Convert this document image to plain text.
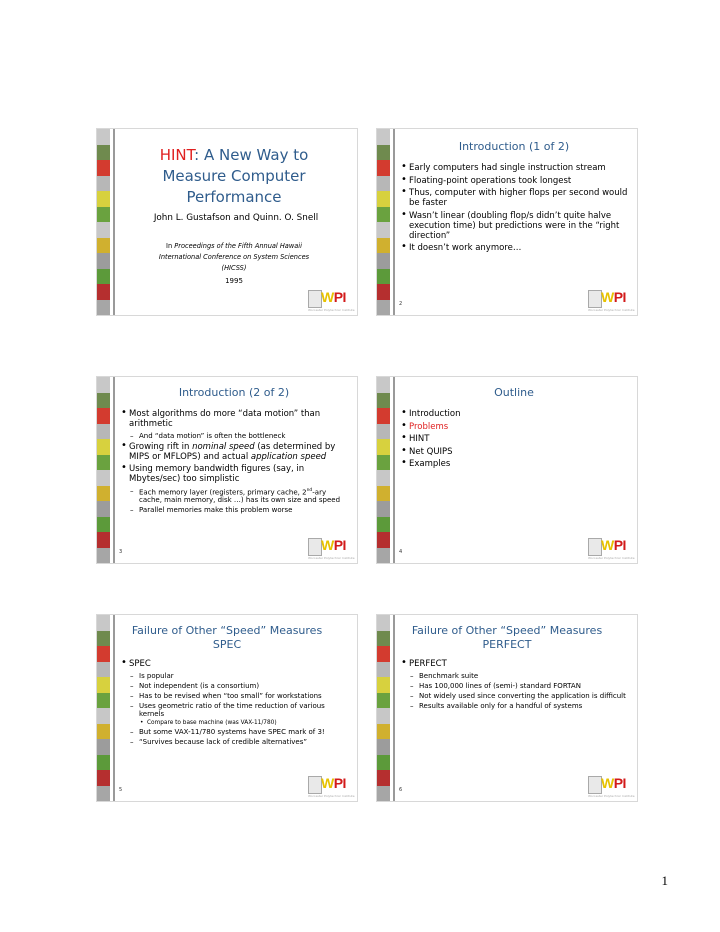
HINT: A New Way to
Measure Computer
Performance
John L. Gustafson and Quinn. O. Snell
In Proceedings of the Fifth Annual Hawaii
International Conference on System Sciences
(HICSS)
1995
WPI
Worcester Polytechnic Institute
Introduction (1 of 2)
• Early computers had single instruction stream
• Floating-point operations took longest
• Thus, computer with higher flops per second would be faster
• Wasn’t linear (doubling flop/s didn’t quite halve execution time) but predictions were in the “right direction”
• It doesn’t work anymore…
2	WPI
Worcester Polytechnic Institute
Introduction (2 of 2)
• Most algorithms do more “data motion” than arithmetic
– And “data motion” is often the bottleneck
• Growing rift in nominal speed (as determined by MIPS or MFLOPS) and actual application speed
• Using memory bandwidth figures (say, in Mbytes/sec) too simplistic
– Each memory layer (registers, primary cache, 2nd-ary cache, main memory, disk …) has its own size and speed
– Parallel memories make this problem worse
3	WPI
Worcester Polytechnic Institute
Outline
• Introduction
• Problems
• HINT
• Net QUIPS
• Examples
4	WPI
Worcester Polytechnic Institute
Failure of Other “Speed” Measures
SPEC
• SPEC
– Is popular
– Not independent (is a consortium)
– Has to be revised when “too small” for workstations
– Uses geometric ratio of the time reduction of various kernels
• Compare to base machine (was VAX-11/780)
– But some VAX-11/780 systems have SPEC mark of 3!
– “Survives because lack of credible alternatives”
5	WPI
Worcester Polytechnic Institute
Failure of Other “Speed” Measures
PERFECT
• PERFECT
– Benchmark suite
– Has 100,000 lines of (semi-) standard FORTAN
– Not widely used since converting the application is difficult
– Results available only for a handful of systems
6	WPI
Worcester Polytechnic Institute
1
